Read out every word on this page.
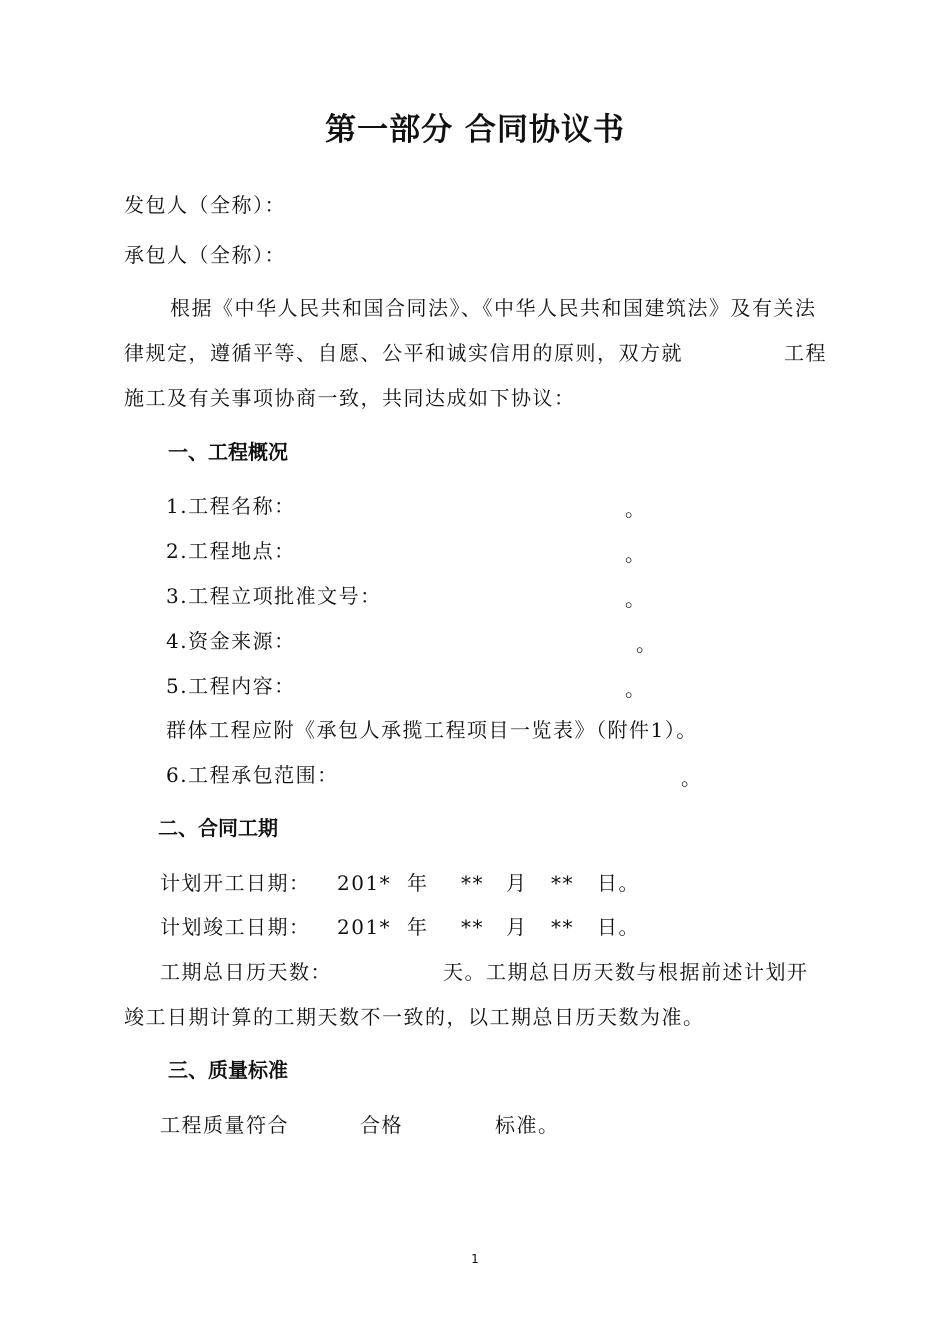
第一部分 合同协议书
发包人（全称）：
承包人（全称）：
根据《中华人民共和国合同法》、《中华人民共和国建筑法》及有关法
律规定，遵循平等、自愿、公平和诚实信用的原则，双方就	工程
施工及有关事项协商一致，共同达成如下协议：
一、工程概况
1.工程名称：	。
2.工程地点：	。
3.工程立项批准文号：	。
4.资金来源：	。
5.工程内容：	。
群体工程应附《承包人承揽工程项目一览表》（附件1）。
6.工程承包范围：	。
二、合同工期
计划开工日期： 201* 年 ** 月 ** 日。
计划竣工日期： 201* 年 ** 月 ** 日。
工期总日历天数：	天。工期总日历天数与根据前述计划开
竣工日期计算的工期天数不一致的，以工期总日历天数为准。
三、质量标准
工程质量符合	合格	标准。
1
